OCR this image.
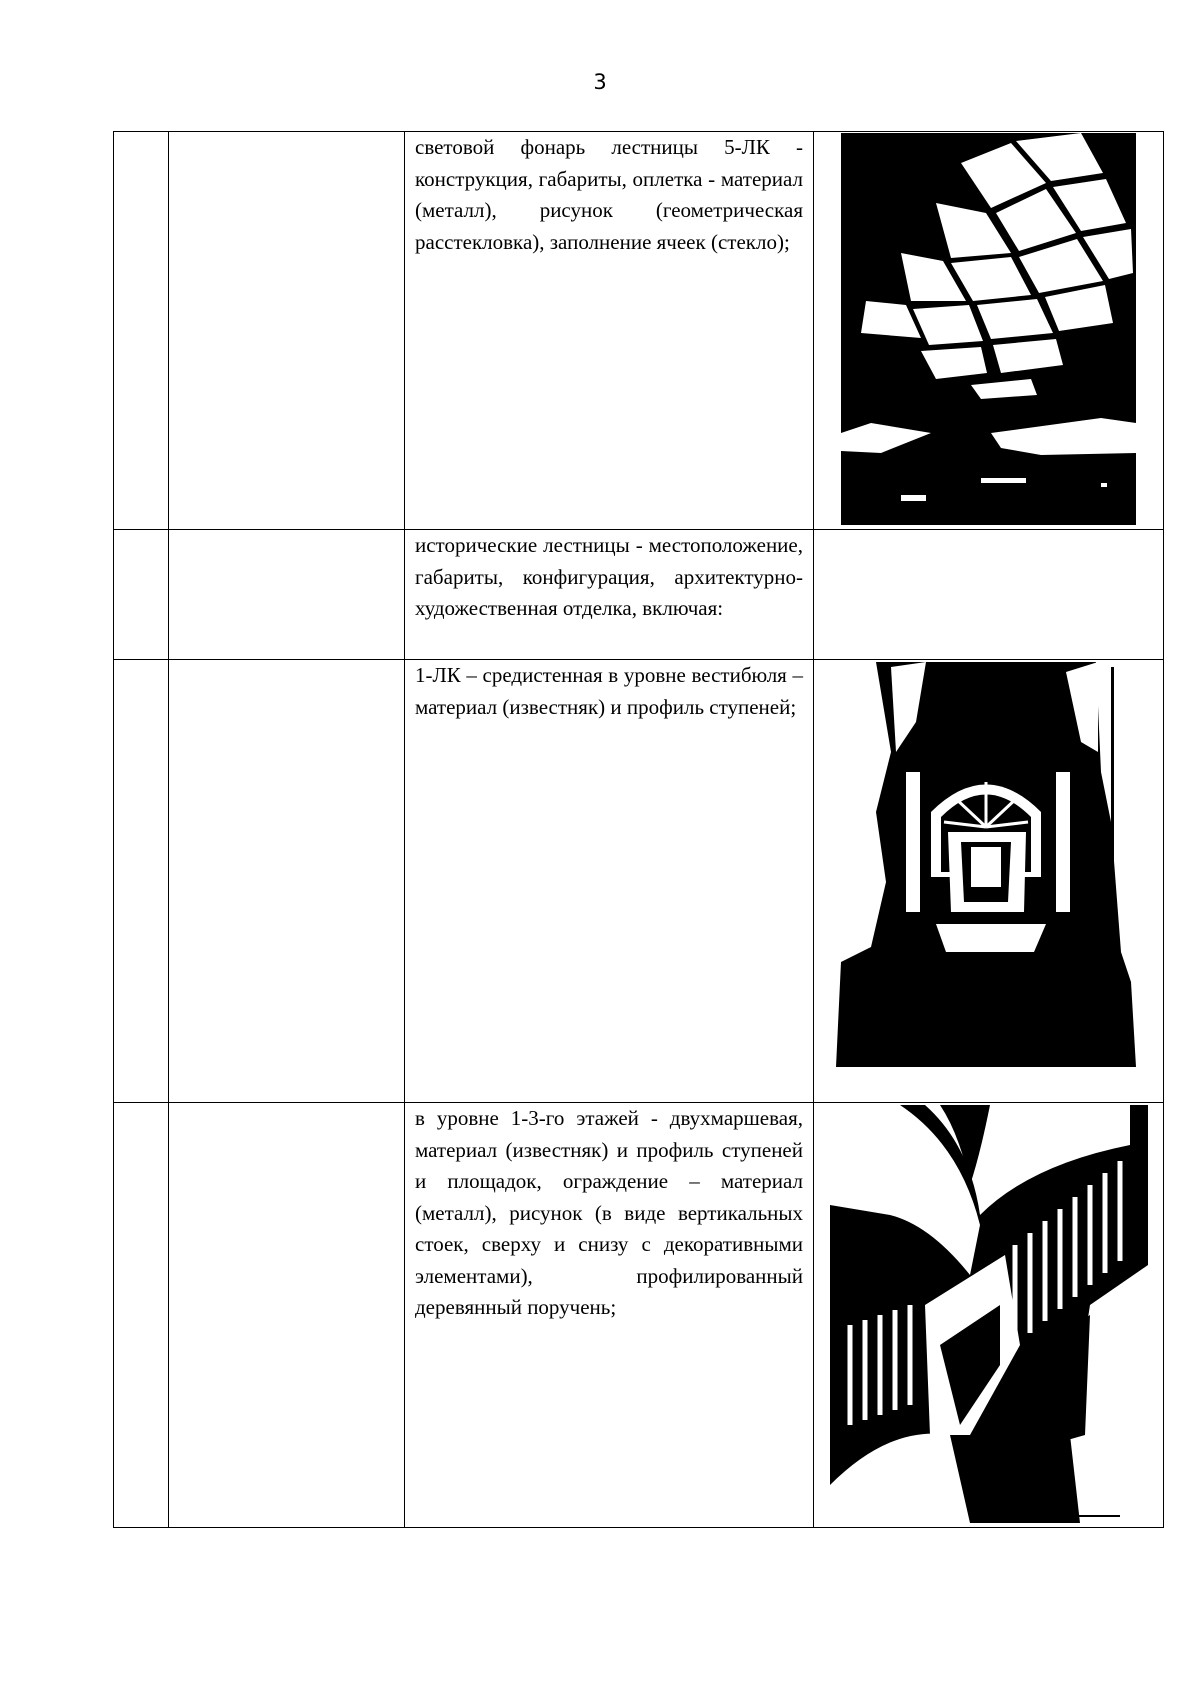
3

		световой фонарь лестницы 5-ЛК - конструкция, габариты, оплетка - материал (металл), рисунок (геометрическая расстекловка), заполнение ячеек (стекло);

		исторические лестницы - местоположение, габариты, конфигурация, архитектурно-художественная отделка, включая:	

		1-ЛК – средистенная в уровне вестибюля – материал (известняк) и профиль ступеней;

		в уровне 1-3-го этажей - двухмаршевая, материал (известняк) и профиль ступеней и площадок, ограждение – материал (металл), рисунок (в виде вертикальных стоек, сверху и снизу с декоративными элементами), профилированный деревянный поручень;
